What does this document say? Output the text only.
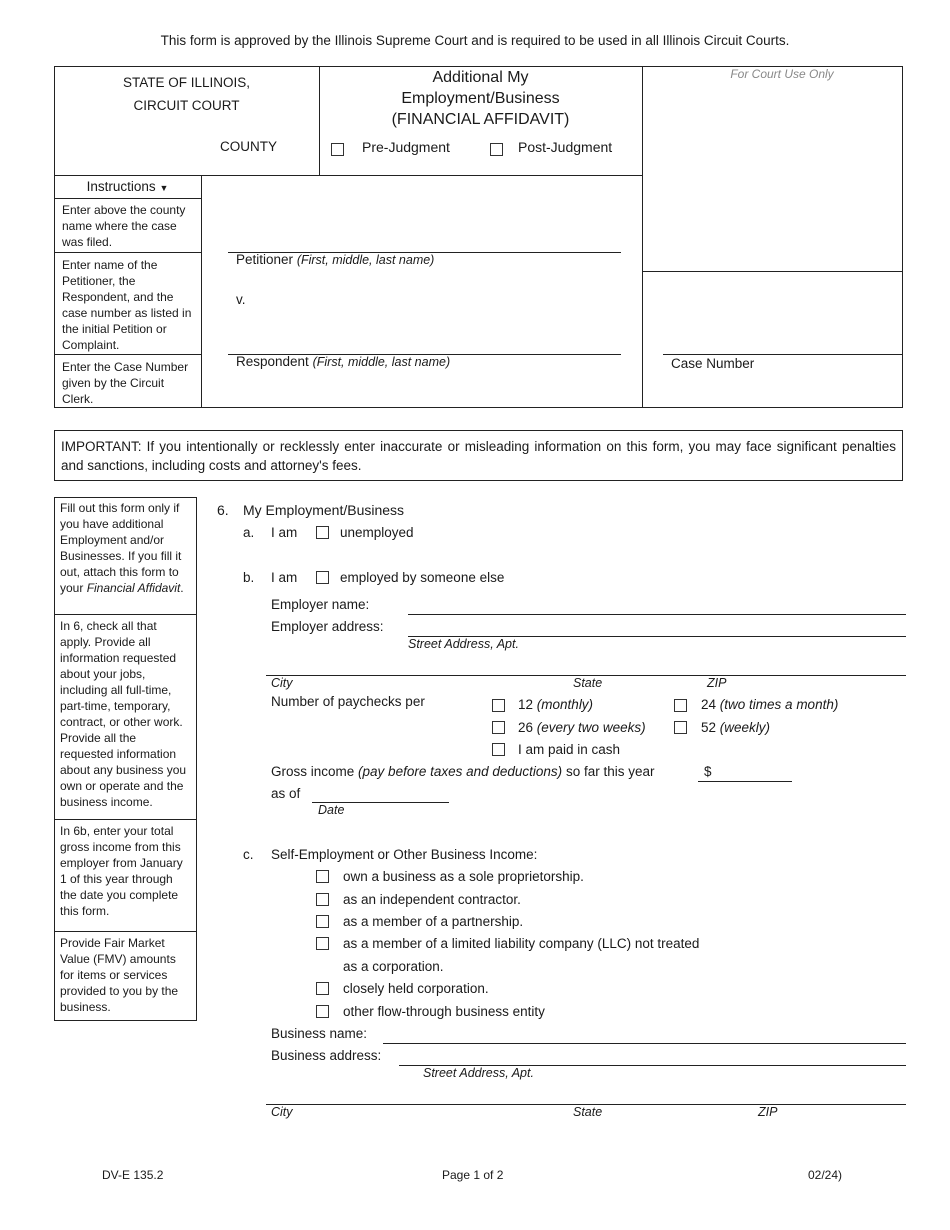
This form is approved by the Illinois Supreme Court and is required to be used in all Illinois Circuit Courts.
STATE OF ILLINOIS,
CIRCUIT COURT
COUNTY
Additional My
Employment/Business
(FINANCIAL AFFIDAVIT)
Pre-Judgment	Post-Judgment
For Court Use Only
Instructions ▼
Enter above the county name where the case was filed.
Enter name of the Petitioner, the Respondent, and the case number as listed in the initial Petition or Complaint.
Enter the Case Number given by the Circuit Clerk.
Petitioner (First, middle, last name)
v.
Respondent (First, middle, last name)	Case Number
IMPORTANT: If you intentionally or recklessly enter inaccurate or misleading information on this form, you may face significant penalties and sanctions, including costs and attorney's fees.
Fill out this form only if you have additional Employment and/or Businesses. If you fill it out, attach this form to your Financial Affidavit.
In 6, check all that apply. Provide all information requested about your jobs, including all full-time, part-time, temporary, contract, or other work. Provide all the requested information about any business you own or operate and the business income.
In 6b, enter your total gross income from this employer from January 1 of this year through the date you complete this form.
Provide Fair Market Value (FMV) amounts for items or services provided to you by the business.
6. My Employment/Business
a. I am	unemployed
b. I am	employed by someone else
Employer name:
Employer address:
Street Address, Apt.
City	State	ZIP
Number of paychecks per	12 (monthly)	24 (two times a month)
26 (every two weeks)	52 (weekly)
I am paid in cash
Gross income (pay before taxes and deductions) so far this year	$
as of
Date
c. Self-Employment or Other Business Income:
own a business as a sole proprietorship.
as an independent contractor.
as a member of a partnership.
as a member of a limited liability company (LLC) not treated
as a corporation.
closely held corporation.
other flow-through business entity
Business name:
Business address:
Street Address, Apt.
City	State	ZIP
DV-E 135.2	Page 1 of 2	02/24)
